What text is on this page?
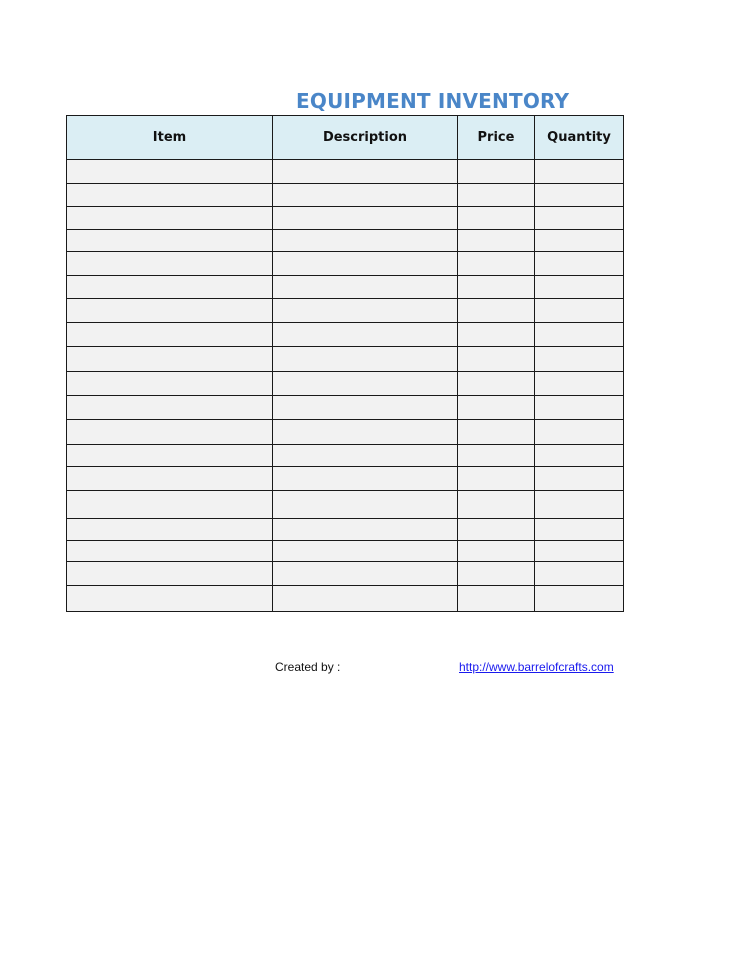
EQUIPMENT INVENTORY
Item	Description	Price	Quantity

Created by :	http://www.barrelofcrafts.com
